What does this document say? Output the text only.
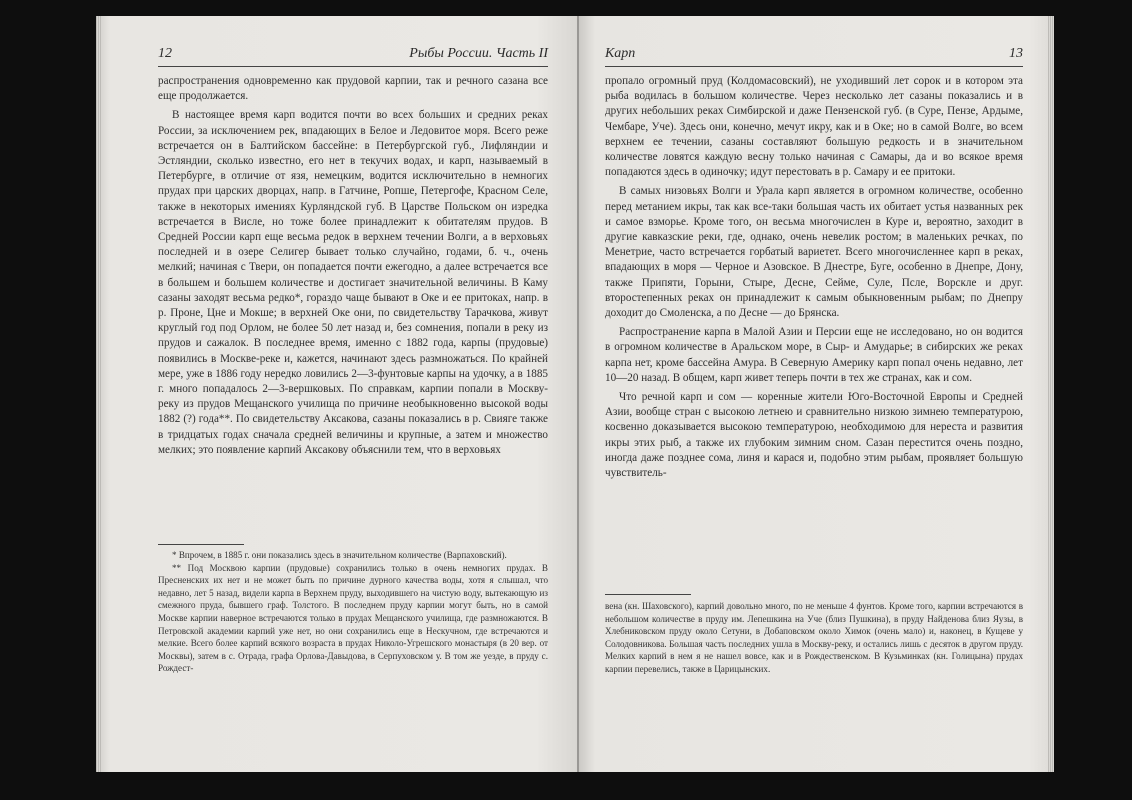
12	Рыбы России. Часть II

распространения одновременно как прудовой карпии, так и речного сазана все еще продолжается.

В настоящее время карп водится почти во всех больших и средних реках России, за исключением рек, впадающих в Белое и Ледовитое моря. Всего реже встречается он в Балтийском бассейне: в Петербургской губ., Лифляндии и Эстляндии, сколько известно, его нет в текучих водах, и карп, называемый в Петербурге, в отличие от язя, немецким, водится исключительно в немногих прудах при царских дворцах, напр. в Гатчине, Ропше, Петергофе, Красном Селе, также в некоторых имениях Курляндской губ. В Царстве Польском он изредка встречается в Висле, но тоже более принадлежит к обитателям прудов. В Средней России карп еще весьма редок в верхнем течении Волги, а в верховьях последней и в озере Селигер бывает только случайно, годами, б. ч., очень мелкий; начиная с Твери, он попадается почти ежегодно, а далее встречается все в большем и большем количестве и достигает значительной величины. В Каму сазаны заходят весьма редко*, гораздо чаще бывают в Оке и ее притоках, напр. в р. Проне, Цне и Мокше; в верхней Оке они, по свидетельству Тарачкова, живут круглый год под Орлом, не более 50 лет назад и, без сомнения, попали в реку из прудов и сажалок. В последнее время, именно с 1882 года, карпы (прудовые) появились в Москве-реке и, кажется, начинают здесь размножаться. По крайней мере, уже в 1886 году нередко ловились 2—3-фунтовые карпы на удочку, а в 1885 г. много попадалось 2—3-вершковых. По справкам, карпии попали в Москву-реку из прудов Мещанского училища по причине необыкновенно высокой воды 1882 (?) года**. По свидетельству Аксакова, сазаны показались в р. Свияге также в тридцатых годах сначала средней величины и крупные, а затем и множество мелких; это появление карпий Аксакову объяснили тем, что в верховьях

* Впрочем, в 1885 г. они показались здесь в значительном количестве (Варпаховский).

** Под Москвою карпии (прудовые) сохранились только в очень немногих прудах. В Пресненских их нет и не может быть по причине дурного качества воды, хотя я слышал, что недавно, лет 5 назад, видели карпа в Верхнем пруду, выходившего на чистую воду, вытекающую из смежного пруда, бывшего граф. Толстого. В последнем пруду карпии могут быть, но в самой Москве карпии наверное встречаются только в прудах Мещанского училища, где размножаются. В Петровской академии карпий уже нет, но они сохранились еще в Нескучном, где встречаются и мелкие. Всего более карпий всякого возраста в прудах Николо-Угрешского монастыря (в 20 вер. от Москвы), затем в с. Отрада, графа Орлова-Давыдова, в Серпуховском у. В том же уезде, в пруду с. Рождест-

Карп	13

пропало огромный пруд (Колдомасовский), не уходивший лет сорок и в котором эта рыба водилась в большом количестве. Через несколько лет сазаны показались и в других небольших реках Симбирской и даже Пензенской губ. (в Суре, Пензе, Ардыме, Чембаре, Уче). Здесь они, конечно, мечут икру, как и в Оке; но в самой Волге, во всем верхнем ее течении, сазаны составляют большую редкость и в значительном количестве ловятся каждую весну только начиная с Самары, да и во всякое время попадаются здесь в одиночку; идут перестовать в р. Самару и ее притоки.

В самых низовьях Волги и Урала карп является в огромном количестве, особенно перед метанием икры, так как все-таки большая часть их обитает устья названных рек и самое взморье. Кроме того, он весьма многочислен в Куре и, вероятно, заходит в другие кавказские реки, где, однако, очень невелик ростом; в маленьких речках, по Менетрие, часто встречается горбатый вариетет. Всего многочисленнее карп в реках, впадающих в моря — Черное и Азовское. В Днестре, Буге, особенно в Днепре, Дону, также Припяти, Горыни, Стыре, Десне, Сейме, Суле, Псле, Ворскле и друг. второстепенных реках он принадлежит к самым обыкновенным рыбам; по Днепру доходит до Смоленска, а по Десне — до Брянска.

Распространение карпа в Малой Азии и Персии еще не исследовано, но он водится в огромном количестве в Аральском море, в Сыр- и Амударье; в сибирских же реках карпа нет, кроме бассейна Амура. В Северную Америку карп попал очень недавно, лет 10—20 назад. В общем, карп живет теперь почти в тех же странах, как и сом.

Что речной карп и сом — коренные жители Юго-Восточной Европы и Средней Азии, вообще стран с высокою летнею и сравнительно низкою зимнею температурою, косвенно доказывается высокою температурою, необходимою для нереста и развития икры этих рыб, а также их глубоким зимним сном. Сазан перестится очень поздно, иногда даже позднее сома, линя и карася и, подобно этим рыбам, проявляет большую чувствитель-

вена (кн. Шаховского), карпий довольно много, по не меньше 4 фунтов. Кроме того, карпии встречаются в небольшом количестве в пруду им. Лепешкина на Уче (близ Пушкина), в пруду Найденова близ Яузы, в Хлебниковском пруду около Сетуни, в Добаповском около Химок (очень мало) и, наконец, в Кущеве у Солодовникова. Большая часть последних ушла в Москву-реку, и остались лишь с десяток в другом пруду. Мелких карпий в нем я не нашел вовсе, как и в Рождественском. В Кузьминках (кн. Голицына) прудах карпии перевелись, также в Царицынских.
